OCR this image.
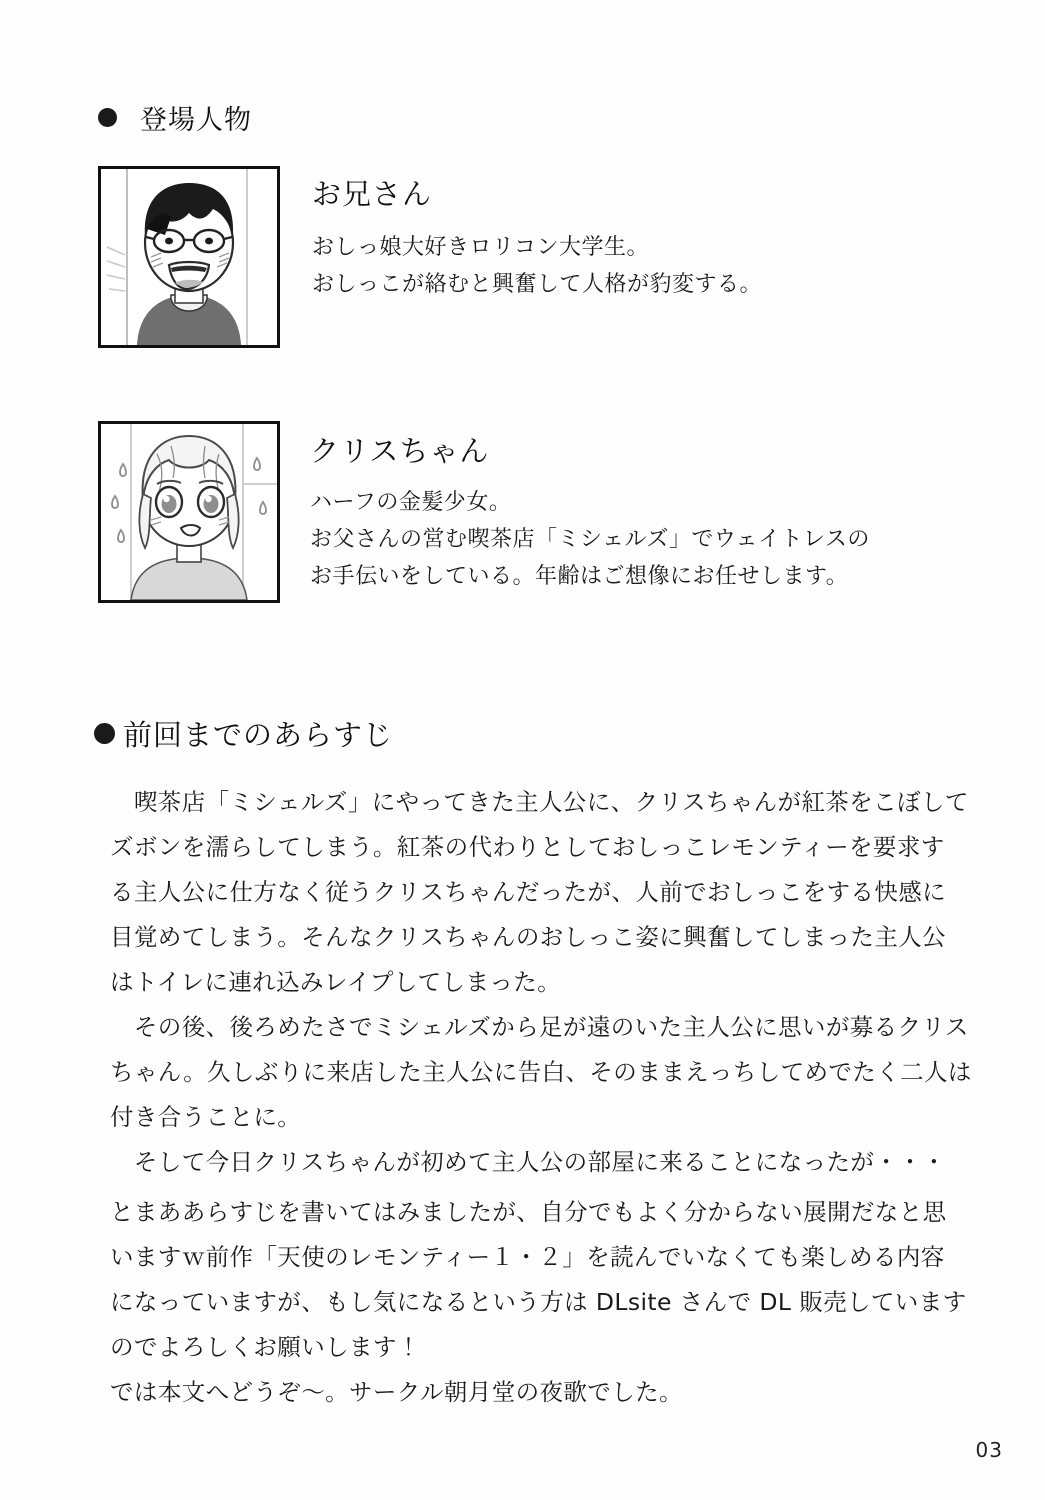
登場人物
お兄さん
おしっ娘大好きロリコン大学生。
おしっこが絡むと興奮して人格が豹変する。
クリスちゃん
ハーフの金髪少女。
お父さんの営む喫茶店「ミシェルズ」でウェイトレスの
お手伝いをしている。年齢はご想像にお任せします。
前回までのあらすじ
　喫茶店「ミシェルズ」にやってきた主人公に、クリスちゃんが紅茶をこぼして
ズボンを濡らしてしまう。紅茶の代わりとしておしっこレモンティーを要求す
る主人公に仕方なく従うクリスちゃんだったが、人前でおしっこをする快感に
目覚めてしまう。そんなクリスちゃんのおしっこ姿に興奮してしまった主人公
はトイレに連れ込みレイプしてしまった。
　その後、後ろめたさでミシェルズから足が遠のいた主人公に思いが募るクリス
ちゃん。久しぶりに来店した主人公に告白、そのままえっちしてめでたく二人は
付き合うことに。
　そして今日クリスちゃんが初めて主人公の部屋に来ることになったが・・・
とまああらすじを書いてはみましたが、自分でもよく分からない展開だなと思
いますｗ前作「天使のレモンティー１・２」を読んでいなくても楽しめる内容
になっていますが、もし気になるという方は DLsite さんで DL 販売しています
のでよろしくお願いします！
では本文へどうぞ〜。サークル朝月堂の夜歌でした。
03
